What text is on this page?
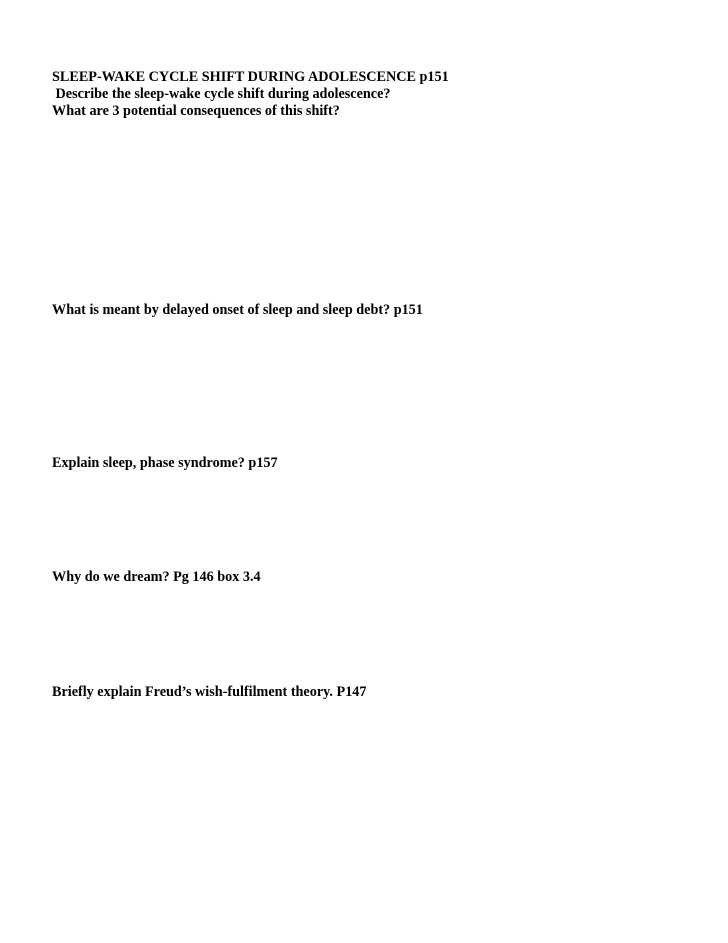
SLEEP-WAKE CYCLE SHIFT DURING ADOLESCENCE p151

Describe the sleep-wake cycle shift during adolescence?

What are 3 potential consequences of this shift?

What is meant by delayed onset of sleep and sleep debt? p151

Explain sleep, phase syndrome? p157

Why do we dream? Pg 146 box 3.4

Briefly explain Freud’s wish-fulfilment theory. P147
